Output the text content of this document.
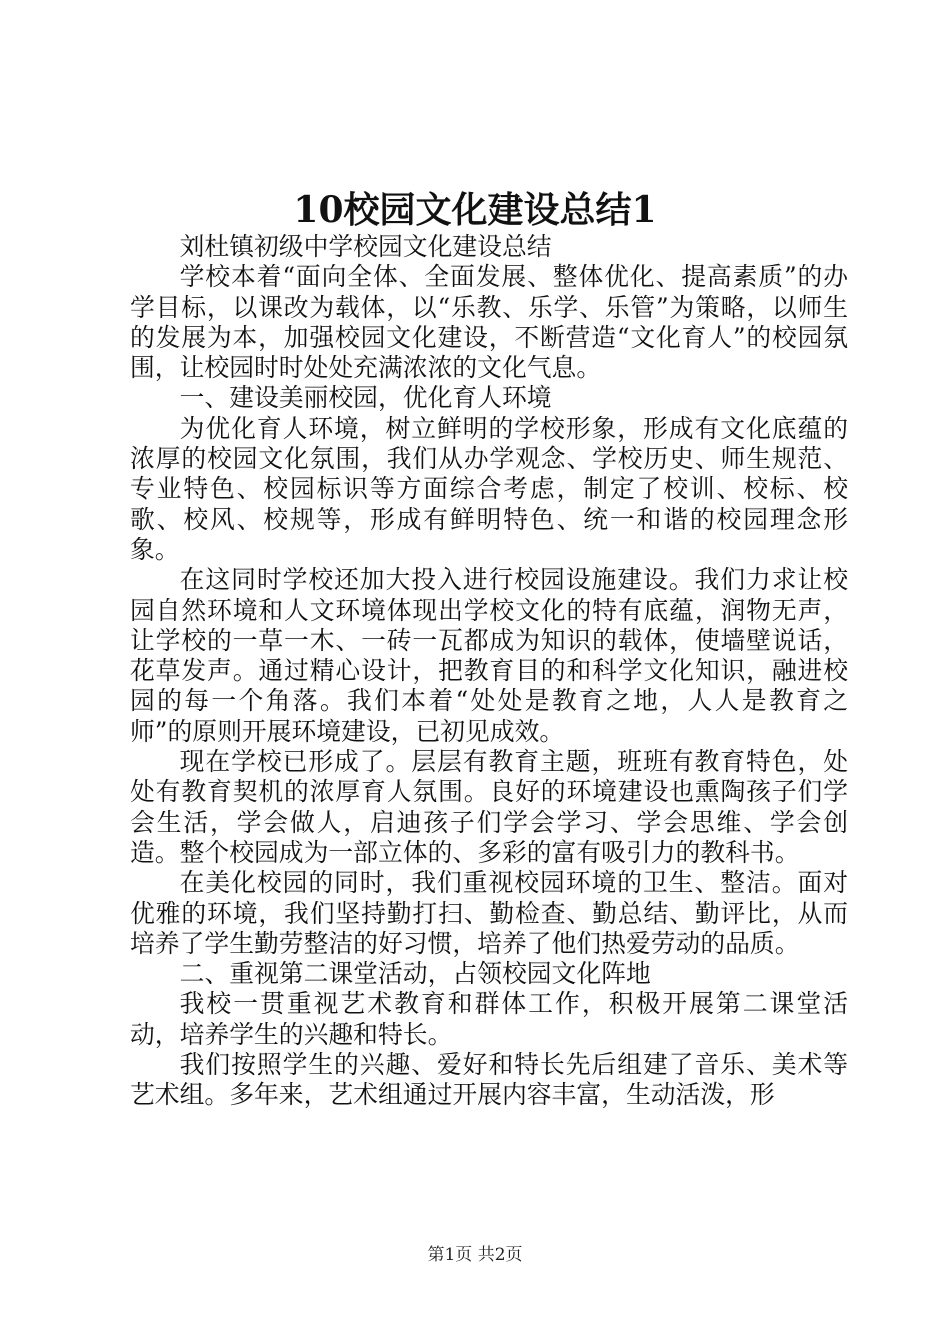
10校园文化建设总结1

刘杜镇初级中学校园文化建设总结

学校本着“面向全体、全面发展、整体优化、提高素质”的办学目标，以课改为载体，以“乐教、乐学、乐管”为策略，以师生的发展为本，加强校园文化建设，不断营造“文化育人”的校园氛围，让校园时时处处充满浓浓的文化气息。

一、建设美丽校园，优化育人环境

为优化育人环境，树立鲜明的学校形象，形成有文化底蕴的浓厚的校园文化氛围，我们从办学观念、学校历史、师生规范、专业特色、校园标识等方面综合考虑，制定了校训、校标、校歌、校风、校规等，形成有鲜明特色、统一和谐的校园理念形象。

在这同时学校还加大投入进行校园设施建设。我们力求让校园自然环境和人文环境体现出学校文化的特有底蕴，润物无声，让学校的一草一木、一砖一瓦都成为知识的载体，使墙壁说话，花草发声。通过精心设计，把教育目的和科学文化知识，融进校园的每一个角落。我们本着“处处是教育之地，人人是教育之师”的原则开展环境建设，已初见成效。

现在学校已形成了。层层有教育主题，班班有教育特色，处处有教育契机的浓厚育人氛围。良好的环境建设也熏陶孩子们学会生活，学会做人，启迪孩子们学会学习、学会思维、学会创造。整个校园成为一部立体的、多彩的富有吸引力的教科书。

在美化校园的同时，我们重视校园环境的卫生、整洁。面对优雅的环境，我们坚持勤打扫、勤检查、勤总结、勤评比，从而培养了学生勤劳整洁的好习惯，培养了他们热爱劳动的品质。

二、重视第二课堂活动，占领校园文化阵地

我校一贯重视艺术教育和群体工作，积极开展第二课堂活动，培养学生的兴趣和特长。

我们按照学生的兴趣、爱好和特长先后组建了音乐、美术等艺术组。多年来，艺术组通过开展内容丰富，生动活泼，形

第1页 共2页
